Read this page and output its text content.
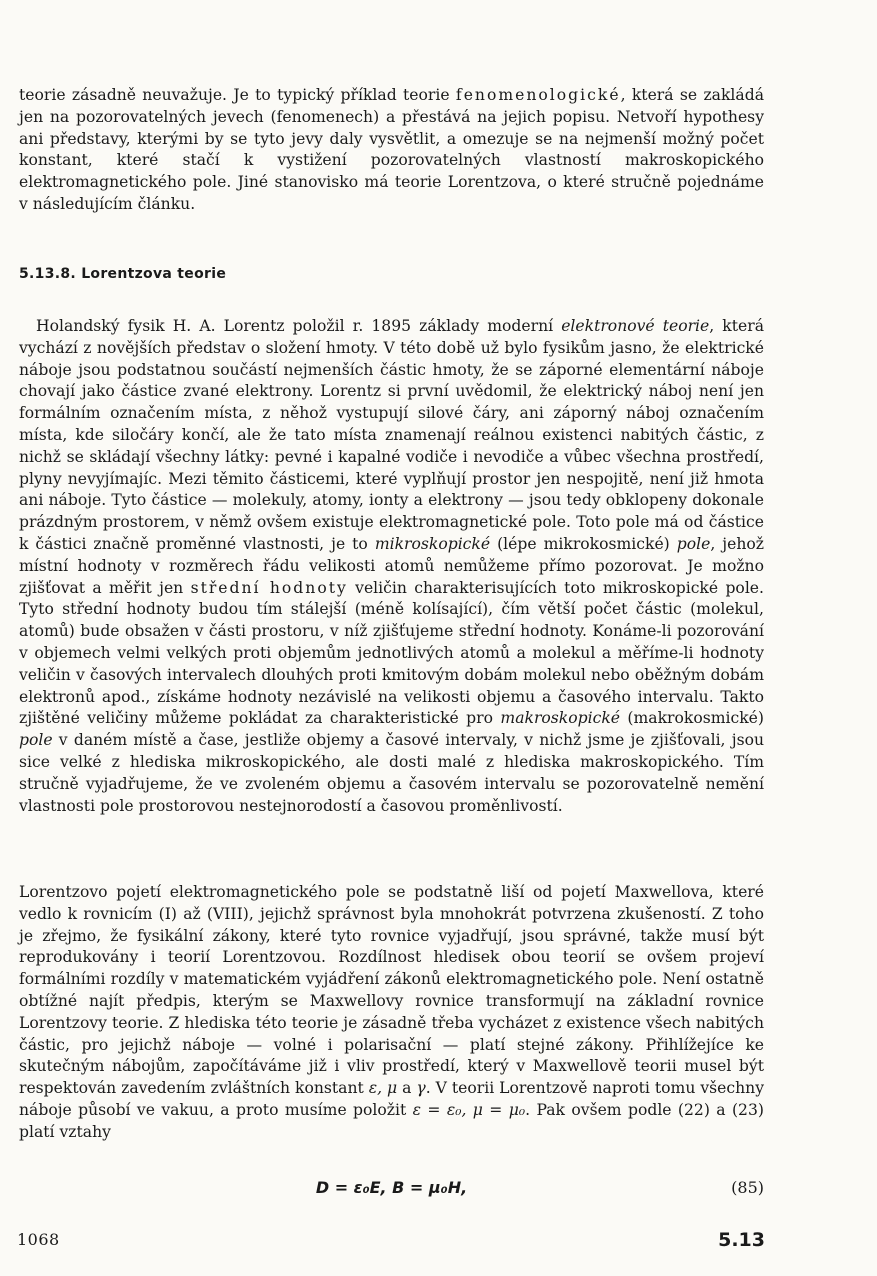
teorie zásadně neuvažuje. Je to typický příklad teorie fenomenologické, která se zakládá jen na pozorovatelných jevech (fenomenech) a přestává na jejich popisu. Netvoří hypothesy ani představy, kterými by se tyto jevy daly vysvětlit, a omezuje se na nejmenší možný počet konstant, které stačí k vystižení pozorovatelných vlastností makroskopického elektromagnetického pole. Jiné stanovisko má teorie Lorentzova, o které stručně pojednáme v následujícím článku.

5.13.8. Lorentzova teorie

Holandský fysik H. A. Lorentz položil r. 1895 základy moderní elektronové teorie, která vychází z novějších představ o složení hmoty. V této době už bylo fysikům jasno, že elektrické náboje jsou podstatnou součástí nejmenších částic hmoty, že se záporné elementární náboje chovají jako částice zvané elektrony. Lorentz si první uvědomil, že elektrický náboj není jen formálním označením místa, z něhož vystupují silové čáry, ani záporný náboj označením místa, kde siločáry končí, ale že tato místa znamenají reálnou existenci nabitých částic, z nichž se skládají všechny látky: pevné i kapalné vodiče i nevodiče a vůbec všechna prostředí, plyny nevyjímajíc. Mezi těmito částicemi, které vyplňují prostor jen nespojitě, není již hmota ani náboje. Tyto částice — molekuly, atomy, ionty a elektrony — jsou tedy obklopeny dokonale prázdným prostorem, v němž ovšem existuje elektromagnetické pole. Toto pole má od částice k částici značně proměnné vlastnosti, je to mikroskopické (lépe mikrokosmické) pole, jehož místní hodnoty v rozměrech řádu velikosti atomů nemůžeme přímo pozorovat. Je možno zjišťovat a měřit jen střední hodnoty veličin charakterisujících toto mikroskopické pole. Tyto střední hodnoty budou tím stálejší (méně kolísající), čím větší počet částic (molekul, atomů) bude obsažen v části prostoru, v níž zjišťujeme střední hodnoty. Konáme-li pozorování v objemech velmi velkých proti objemům jednotlivých atomů a molekul a měříme-li hodnoty veličin v časových intervalech dlouhých proti kmitovým dobám molekul nebo oběžným dobám elektronů apod., získáme hodnoty nezávislé na velikosti objemu a časového intervalu. Takto zjištěné veličiny můžeme pokládat za charakteristické pro makroskopické (makrokosmické) pole v daném místě a čase, jestliže objemy a časové intervaly, v nichž jsme je zjišťovali, jsou sice velké z hlediska mikroskopického, ale dosti malé z hlediska makroskopického. Tím stručně vyjadřujeme, že ve zvoleném objemu a časovém intervalu se pozorovatelně nemění vlastnosti pole prostorovou nestejnorodostí a časovou proměnlivostí.

Lorentzovo pojetí elektromagnetického pole se podstatně liší od pojetí Maxwellova, které vedlo k rovnicím (I) až (VIII), jejichž správnost byla mnohokrát potvrzena zkušeností. Z toho je zřejmo, že fysikální zákony, které tyto rovnice vyjadřují, jsou správné, takže musí být reprodukovány i teorií Lorentzovou. Rozdílnost hledisek obou teorií se ovšem projeví formálními rozdíly v matematickém vyjádření zákonů elektromagnetického pole. Není ostatně obtížné najít předpis, kterým se Maxwellovy rovnice transformují na základní rovnice Lorentzovy teorie. Z hlediska této teorie je zásadně třeba vycházet z existence všech nabitých částic, pro jejichž náboje — volné i polarisační — platí stejné zákony. Přihlížejíce ke skutečným nábojům, započítáváme již i vliv prostředí, který v Maxwellově teorii musel být respektován zavedením zvláštních konstant ε, μ a γ. V teorii Lorentzově naproti tomu všechny náboje působí ve vakuu, a proto musíme položit ε = ε₀, μ = μ₀. Pak ovšem podle (22) a (23) platí vztahy

D = ε₀E, B = μ₀H,	(85)
1068	5.13
